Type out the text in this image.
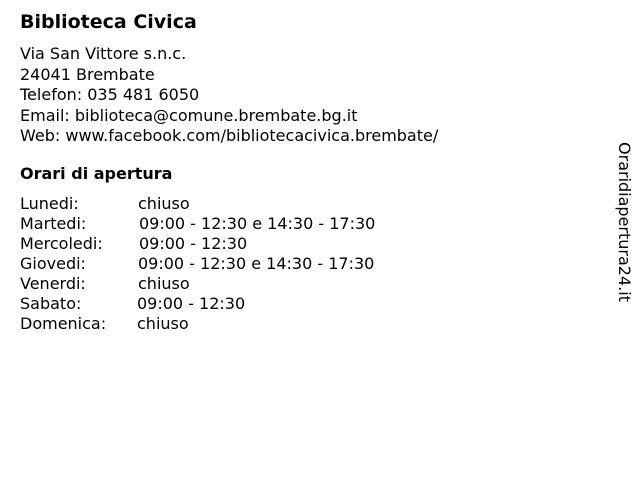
Biblioteca Civica
Via San Vittore s.n.c.
24041 Brembate
Telefon: 035 481 6050
Email: biblioteca@comune.brembate.bg.it
Web: www.facebook.com/bibliotecacivica.brembate/
Orari di apertura
Lunedi:	chiuso
Martedi:	09:00 - 12:30 e 14:30 - 17:30
Mercoledi: 09:00 - 12:30
Giovedi:	09:00 - 12:30 e 14:30 - 17:30
Venerdi:	chiuso
Sabato:	09:00 - 12:30
Domenica: chiuso
Oraridiapertura24.it
